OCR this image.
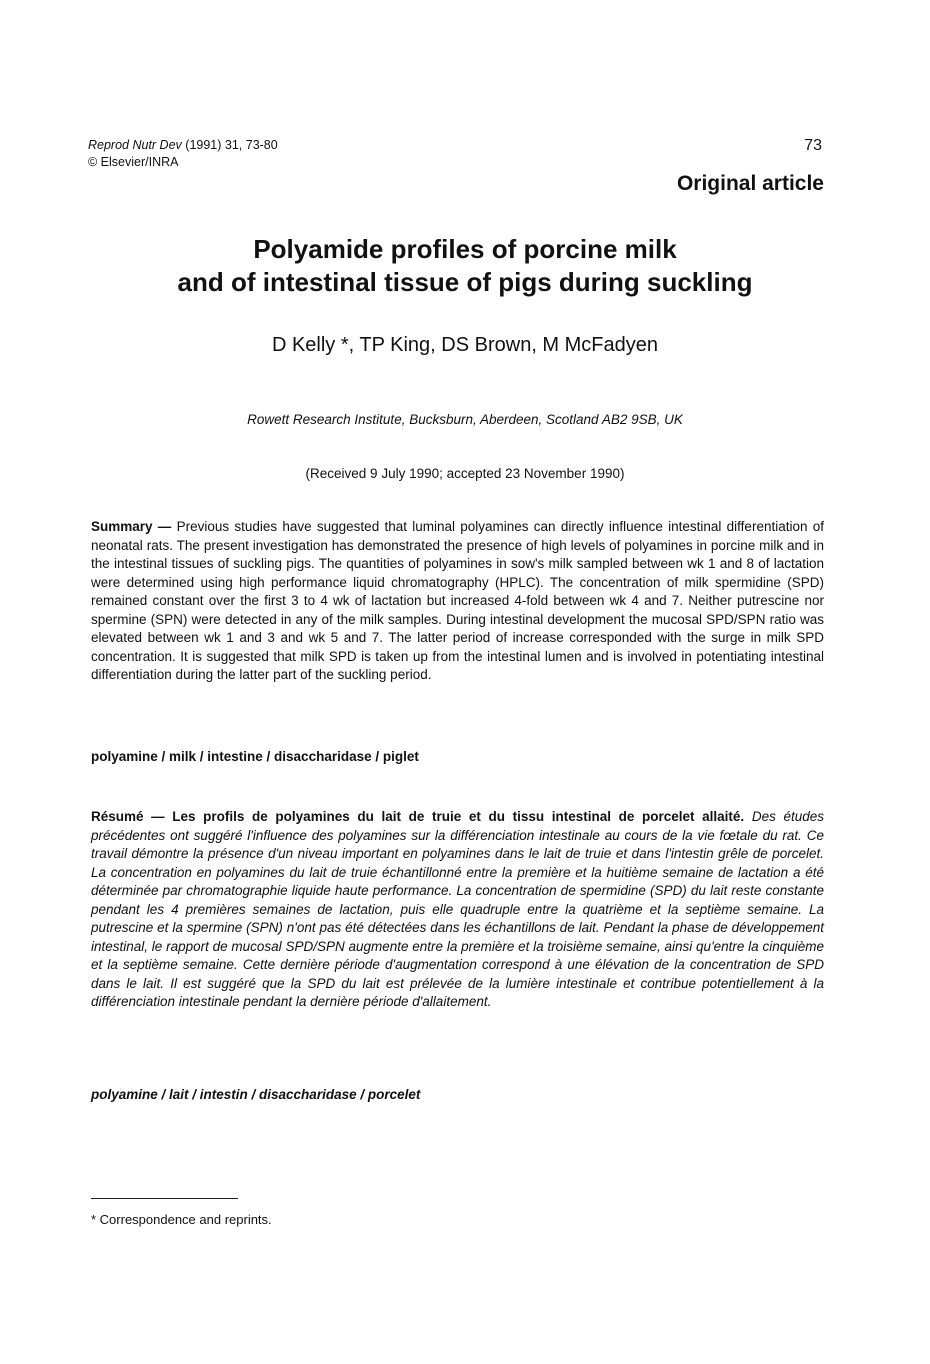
Reprod Nutr Dev (1991) 31, 73-80
© Elsevier/INRA
73
Original article
Polyamide profiles of porcine milk
and of intestinal tissue of pigs during suckling
D Kelly *, TP King, DS Brown, M McFadyen
Rowett Research Institute, Bucksburn, Aberdeen, Scotland AB2 9SB, UK
(Received 9 July 1990; accepted 23 November 1990)
Summary — Previous studies have suggested that luminal polyamines can directly influence intestinal differentiation of neonatal rats. The present investigation has demonstrated the presence of high levels of polyamines in porcine milk and in the intestinal tissues of suckling pigs. The quantities of polyamines in sow's milk sampled between wk 1 and 8 of lactation were determined using high performance liquid chromatography (HPLC). The concentration of milk spermidine (SPD) remained constant over the first 3 to 4 wk of lactation but increased 4-fold between wk 4 and 7. Neither putrescine nor spermine (SPN) were detected in any of the milk samples. During intestinal development the mucosal SPD/SPN ratio was elevated between wk 1 and 3 and wk 5 and 7. The latter period of increase corresponded with the surge in milk SPD concentration. It is suggested that milk SPD is taken up from the intestinal lumen and is involved in potentiating intestinal differentiation during the latter part of the suckling period.
polyamine / milk / intestine / disaccharidase / piglet
Résumé — Les profils de polyamines du lait de truie et du tissu intestinal de porcelet allaité. Des études précédentes ont suggéré l'influence des polyamines sur la différenciation intestinale au cours de la vie fœtale du rat. Ce travail démontre la présence d'un niveau important en polyamines dans le lait de truie et dans l'intestin grêle de porcelet. La concentration en polyamines du lait de truie échantillonné entre la première et la huitième semaine de lactation a été déterminée par chromatographie liquide haute performance. La concentration de spermidine (SPD) du lait reste constante pendant les 4 premières semaines de lactation, puis elle quadruple entre la quatrième et la septième semaine. La putrescine et la spermine (SPN) n'ont pas été détectées dans les échantillons de lait. Pendant la phase de développement intestinal, le rapport de mucosal SPD/SPN augmente entre la première et la troisième semaine, ainsi qu'entre la cinquième et la septième semaine. Cette dernière période d'augmentation correspond à une élévation de la concentration de SPD dans le lait. Il est suggéré que la SPD du lait est prélevée de la lumière intestinale et contribue potentiellement à la différenciation intestinale pendant la dernière période d'allaitement.
polyamine / lait / intestin / disaccharidase / porcelet
* Correspondence and reprints.
